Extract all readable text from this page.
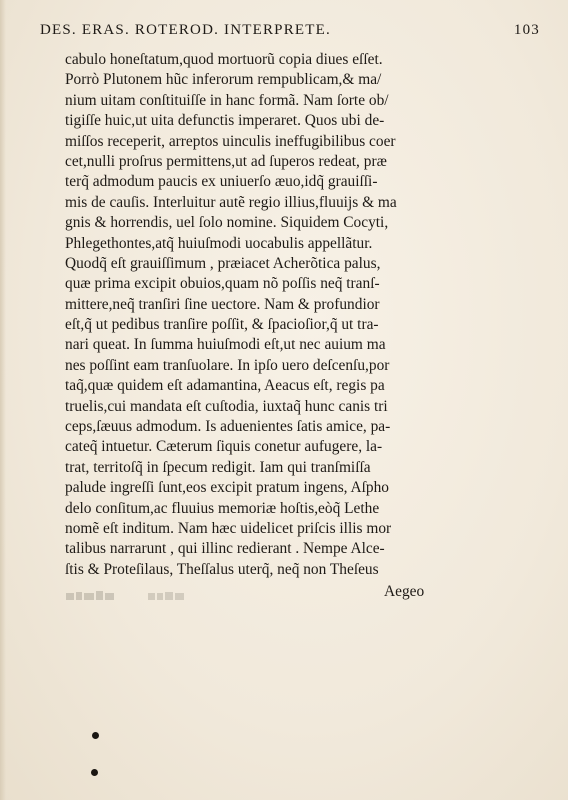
DES. ERAS. ROTEROD. INTERPRETE.	103
cabulo honeſtatum,quod mortuorũ copia diues eſſet.
Porrò Plutonem hũc inferorum rempublicam,& ma/
nium uitam conſtituiſſe in hanc formã. Nam ſorte ob/
tigiſſe huic,ut uita defunctis imperaret. Quos ubi de-
miſſos receperit, arreptos uinculis ineffugibilibus coer
cet,nulli proſrus permittens,ut ad ſuperos redeat, præ
terq̃ admodum paucis ex uniuerſo æuo,idq̃ grauiſſi-
mis de cauſis. Interluitur autẽ regio illius,fluuijs & ma
gnis & horrendis, uel ſolo nomine. Siquidem Cocyti,
Phlegethontes,atq̃ huiuſmodi uocabulis appellãtur.
Quodq̃ eſt grauiſſimum , præiacet Acherõtica palus,
quæ prima excipit obuios,quam nõ poſſis neq̃ tranſ-
mittere,neq̃ tranſiri ſine uectore. Nam & profundior
eſt,q̃ ut pedibus tranſire poſſit, & ſpacioſior,q̃ ut tra-
nari queat. In ſumma huiuſmodi eſt,ut nec auium ma
nes poſſint eam tranſuolare. In ipſo uero deſcenſu,por
taq̃,quæ quidem eſt adamantina, Aeacus eſt, regis pa
truelis,cui mandata eſt cuſtodia, iuxtaq̃ hunc canis tri
ceps,ſæuus admodum. Is aduenientes ſatis amice, pa-
cateq̃ intuetur. Cæterum ſiquis conetur aufugere, la-
trat, territoſq̃ in ſpecum redigit. Iam qui tranſmiſſa
palude ingreſſi ſunt,eos excipit pratum ingens, Aſpho
delo conſitum,ac fluuius memoriæ hoſtis,eòq̃ Lethe
nomẽ eſt inditum. Nam hæc uidelicet priſcis illis mor
talibus narrarunt , qui illinc redierant . Nempe Alce-
ſtis & Proteſilaus, Theſſalus uterq̃, neq̃ non Theſeus
Aegeo
